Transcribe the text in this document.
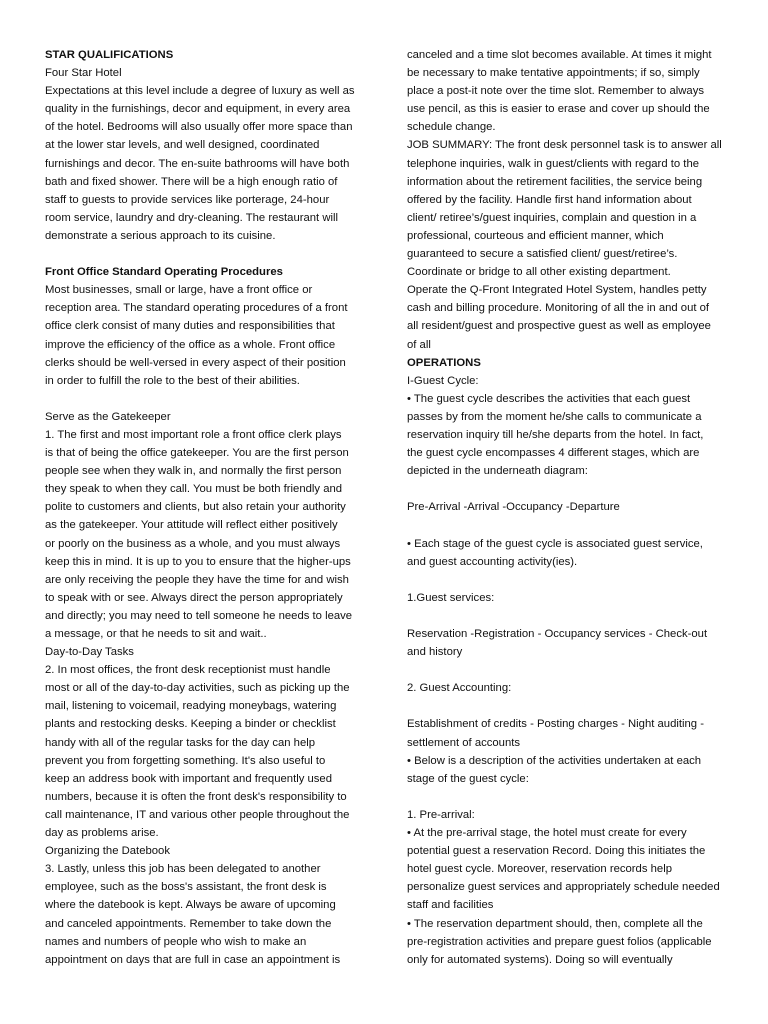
STAR QUALIFICATIONS
Four Star Hotel
Expectations at this level include a degree of luxury as well as
quality in the furnishings, decor and equipment, in every area
of the hotel. Bedrooms will also usually offer more space than
at the lower star levels, and well designed, coordinated
furnishings and decor. The en-suite bathrooms will have both
bath and fixed shower. There will be a high enough ratio of
staff to guests to provide services like porterage, 24-hour
room service, laundry and dry-cleaning. The restaurant will
demonstrate a serious approach to its cuisine.
Front Office Standard Operating Procedures
Most businesses, small or large, have a front office or
reception area. The standard operating procedures of a front
office clerk consist of many duties and responsibilities that
improve the efficiency of the office as a whole. Front office
clerks should be well-versed in every aspect of their position
in order to fulfill the role to the best of their abilities.
Serve as the Gatekeeper
1. The first and most important role a front office clerk plays
is that of being the office gatekeeper. You are the first person
people see when they walk in, and normally the first person
they speak to when they call. You must be both friendly and
polite to customers and clients, but also retain your authority
as the gatekeeper. Your attitude will reflect either positively
or poorly on the business as a whole, and you must always
keep this in mind. It is up to you to ensure that the higher-ups
are only receiving the people they have the time for and wish
to speak with or see. Always direct the person appropriately
and directly; you may need to tell someone he needs to leave
a message, or that he needs to sit and wait..
Day-to-Day Tasks
2. In most offices, the front desk receptionist must handle
most or all of the day-to-day activities, such as picking up the
mail, listening to voicemail, readying moneybags, watering
plants and restocking desks. Keeping a binder or checklist
handy with all of the regular tasks for the day can help
prevent you from forgetting something. It's also useful to
keep an address book with important and frequently used
numbers, because it is often the front desk's responsibility to
call maintenance, IT and various other people throughout the
day as problems arise.
Organizing the Datebook
3. Lastly, unless this job has been delegated to another
employee, such as the boss's assistant, the front desk is
where the datebook is kept. Always be aware of upcoming
and canceled appointments. Remember to take down the
names and numbers of people who wish to make an
appointment on days that are full in case an appointment is
canceled and a time slot becomes available. At times it might
be necessary to make tentative appointments; if so, simply
place a post-it note over the time slot. Remember to always
use pencil, as this is easier to erase and cover up should the
schedule change.
JOB SUMMARY: The front desk personnel task is to answer all
telephone inquiries, walk in guest/clients with regard to the
information about the retirement facilities, the service being
offered by the facility. Handle first hand information about
client/ retiree’s/guest inquiries, complain and question in a
professional, courteous and efficient manner, which
guaranteed to secure a satisfied client/ guest/retiree’s.
Coordinate or bridge to all other existing department.
Operate the Q-Front Integrated Hotel System, handles petty
cash and billing procedure. Monitoring of all the in and out of
all resident/guest and prospective guest as well as employee
of all
OPERATIONS
I-Guest Cycle:
• The guest cycle describes the activities that each guest
passes by from the moment he/she calls to communicate a
reservation inquiry till he/she departs from the hotel. In fact,
the guest cycle encompasses 4 different stages, which are
depicted in the underneath diagram:
Pre-Arrival -Arrival -Occupancy -Departure
• Each stage of the guest cycle is associated guest service,
and guest accounting activity(ies).
1.Guest services:
Reservation -Registration - Occupancy services - Check-out
and history
2. Guest Accounting:
Establishment of credits - Posting charges - Night auditing -
settlement of accounts
• Below is a description of the activities undertaken at each
stage of the guest cycle:
1. Pre-arrival:
• At the pre-arrival stage, the hotel must create for every
potential guest a reservation Record. Doing this initiates the
hotel guest cycle. Moreover, reservation records help
personalize guest services and appropriately schedule needed
staff and facilities
• The reservation department should, then, complete all the
pre-registration activities and prepare guest folios (applicable
only for automated systems). Doing so will eventually
